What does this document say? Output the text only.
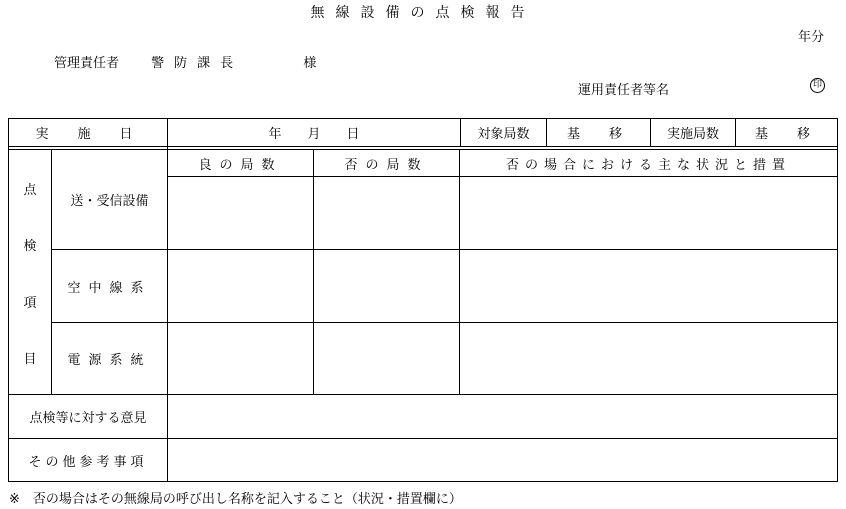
無線設備の点検報告
年分
管理責任者 警防課長	様
運用責任者等名	印
実　施　日	年　　月　　日	対象局数	基　移	実施局数	基　移
点
検
項
目
良の局数	否の局数	否の場合における主な状況と措置
送・受信設備
空中線系
電源系統
点検等に対する意見
その他参考事項
※　否の場合はその無線局の呼び出し名称を記入すること（状況・措置欄に）
